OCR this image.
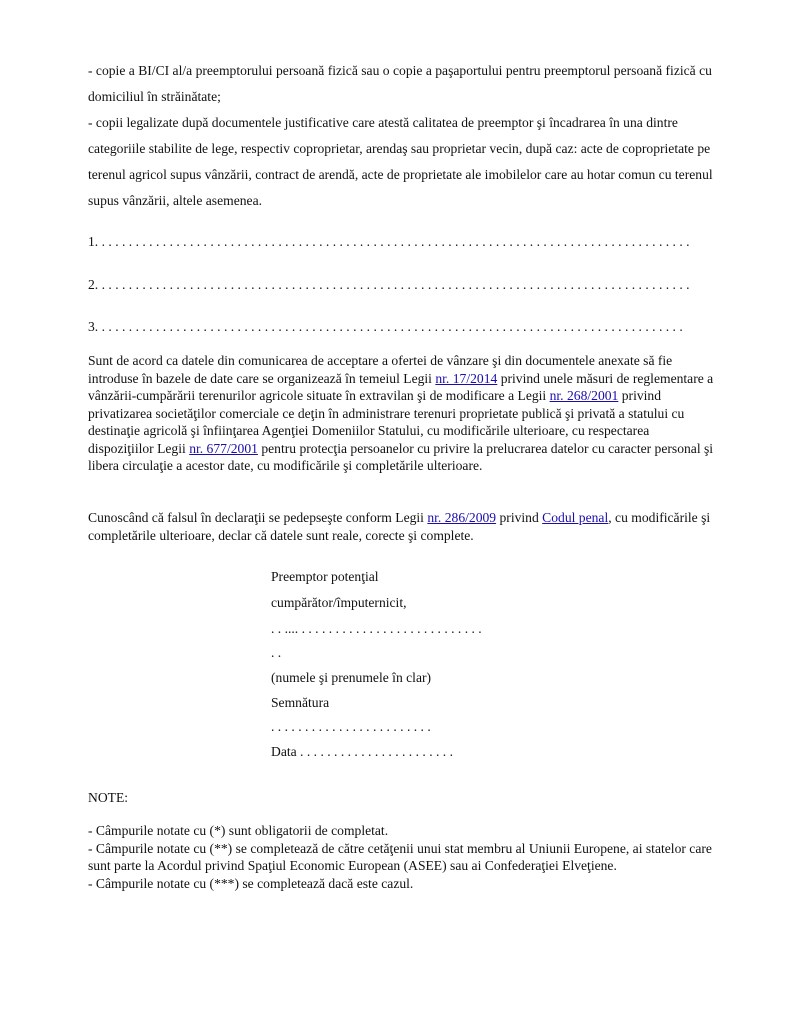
- copie a BI/CI al/a preemptorului persoană fizică sau o copie a paşaportului pentru preemptorul persoană fizică cu domiciliul în străinătate;

- copii legalizate după documentele justificative care atestă calitatea de preemptor şi încadrarea în una dintre categoriile stabilite de lege, respectiv coproprietar, arendaş sau proprietar vecin, după caz: acte de coproprietate pe terenul agricol supus vânzării, contract de arendă, acte de proprietate ale imobilelor care au hotar comun cu terenul supus vânzării, altele asemenea.

1. . . . . . . . . . . . . . . . . . . . . . . . . . . . . . . . . . . . . . . . . . . . . . . . . . . . . . . . . . . . . . . . . . . . . . . . . . . . . . . . . . . . . . . .
2. . . . . . . . . . . . . . . . . . . . . . . . . . . . . . . . . . . . . . . . . . . . . . . . . . . . . . . . . . . . . . . . . . . . . . . . . . . . . . . . . . . . . . . .
3. . . . . . . . . . . . . . . . . . . . . . . . . . . . . . . . . . . . . . . . . . . . . . . . . . . . . . . . . . . . . . . . . . . . . . . . . . . . . . . . . . . . . . .

Sunt de acord ca datele din comunicarea de acceptare a ofertei de vânzare şi din documentele anexate să fie introduse în bazele de date care se organizează în temeiul Legii nr. 17/2014 privind unele măsuri de reglementare a vânzării-cumpărării terenurilor agricole situate în extravilan şi de modificare a Legii nr. 268/2001 privind privatizarea societăţilor comerciale ce deţin în administrare terenuri proprietate publică şi privată a statului cu destinaţie agricolă şi înfiinţarea Agenţiei Domeniilor Statului, cu modificările ulterioare, cu respectarea dispoziţiilor Legii nr. 677/2001 pentru protecţia persoanelor cu privire la prelucrarea datelor cu caracter personal şi libera circulaţie a acestor date, cu modificările şi completările ulterioare.

Cunoscând că falsul în declaraţii se pedepseşte conform Legii nr. 286/2009 privind Codul penal, cu modificările şi completările ulterioare, declar că datele sunt reale, corecte şi complete.

Preemptor potenţial
cumpărător/împuternicit,
. . .... . . . . . . . . . . . . . . . . . . . . . . . . . . .
. .
(numele şi prenumele în clar)
Semnătura
. . . . . . . . . . . . . . . . . . . . . . . .
Data . . . . . . . . . . . . . . . . . . . . . . .
NOTE:

- Câmpurile notate cu (*) sunt obligatorii de completat.

- Câmpurile notate cu (**) se completează de către cetăţenii unui stat membru al Uniunii Europene, ai statelor care sunt parte la Acordul privind Spaţiul Economic European (ASEE) sau ai Confederaţiei Elveţiene.

- Câmpurile notate cu (***) se completează dacă este cazul.
